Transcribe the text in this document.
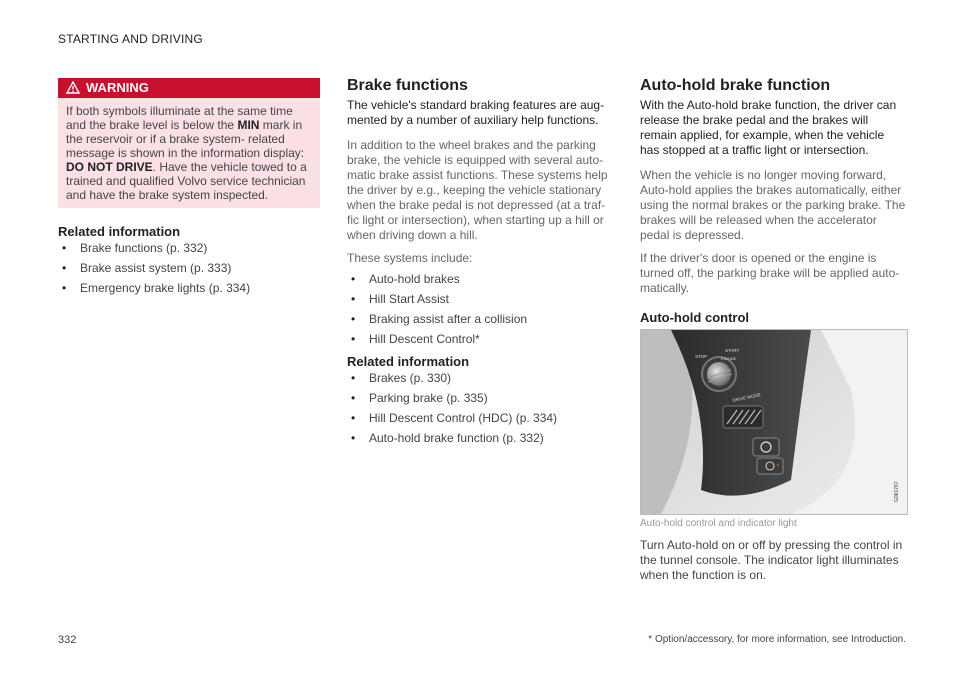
STARTING AND DRIVING
WARNING
If both symbols illuminate at the same time and the brake level is below the MIN mark in the reservoir or if a brake system- related message is shown in the information display: DO NOT DRIVE. Have the vehicle towed to a trained and qualified Volvo service technician and have the brake system inspected.
Related information
• Brake functions (p. 332)
• Brake assist system (p. 333)
• Emergency brake lights (p. 334)
Brake functions

The vehicle's standard braking features are augmented by a number of auxiliary help functions.

In addition to the wheel brakes and the parking brake, the vehicle is equipped with several automatic brake assist functions. These systems help the driver by e.g., keeping the vehicle stationary when the brake pedal is not depressed (at a traffic light or intersection), when starting up a hill or when driving down a hill.

These systems include:

• Auto-hold brakes
• Hill Start Assist
• Braking assist after a collision
• Hill Descent Control*
Related information
• Brakes (p. 330)
• Parking brake (p. 335)
• Hill Descent Control (HDC) (p. 334)
• Auto-hold brake function (p. 332)
Auto-hold brake function

With the Auto-hold brake function, the driver can release the brake pedal and the brakes will remain applied, for example, when the vehicle has stopped at a traffic light or intersection.

When the vehicle is no longer moving forward, Auto-hold applies the brakes automatically, either using the normal brakes or the parking brake. The brakes will be released when the accelerator pedal is depressed.

If the driver's door is opened or the engine is turned off, the parking brake will be applied automatically.

Auto-hold control
STOP
START
ENGINE
DRIVE MODE
G061767
Auto-hold control and indicator light

Turn Auto-hold on or off by pressing the control in the tunnel console. The indicator light illuminates when the function is on.

332	* Option/accessory, for more information, see Introduction.
